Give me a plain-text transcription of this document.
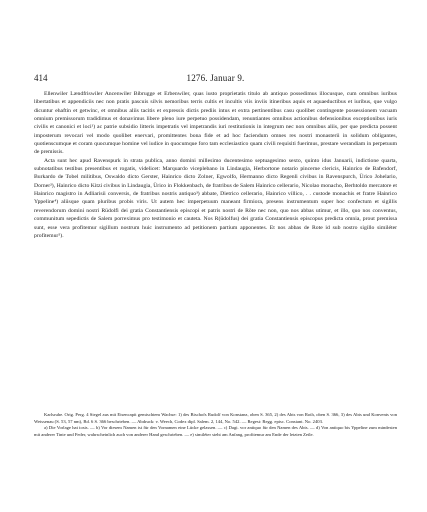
414	1276. Januar 9.

Ellenwiler Lændfriswiler Ancenwiler Bibrugge et Erbenwiler, quas iusto proprietatis titulo ab antiquo possedimus illocusque, cum omnibus iuribus libertatibus et appendiciis nec non pratis pascuis silvis nemoribus terris cultis et incultis viis inviis itineribus aquis et aquaeductibus et iuribus, que vulgo dicuntur ehaftin et getwinc, et omnibus aliis tacitis et expressis dictis prediis intus et extra pertinentibus casu quolibet contingente possessionem vacuam omnium premissorum tradidimus et donavimus libere pleno iure perpetuo possidendam, renuntiantes omnibus actionibus defensionibus exceptionibus iuris civilis et canonici et loci¹) ac patrie subsidio litteris impetratis vel impetrandis iuri restitutionis in integrum nec non omnibus aliis, per que predicta possent imposterum revocari vel modo quolibet enervari, promittentes bona fide et ad hoc faciendum omnes res nostri monasterii in solidum obligantes, quotienscumque et coram quocumque homine vel iudice in quocumque foro tam ecclesiastico quam civili requisiti fuerimus, prestare werandiam in perpetuum de premissis.

Acta sunt hec apud Ravenspurk in strata publica, anno domini millesimo ducentesimo septuagesimo sexto, quinto idus Januarii, indictione quarta, subnotatibus testibus presentibus et rogatis, videlicet: Marquardo viceplebano in Lindaugia, Herbortone notario pincerne clericis, Hainrico de Bafendorf, Burkardo de Tobel militibus, Oswaldo dicto Gerster, Hainrico dicto Zolner, Egwolfo, Hermanno dicto Regenli civibus in Ravenspurch, Ürico Johelario, Dorner²), Hainrico dicto Kitzi civibus in Lindaugia, Ürico in Flokkenbach, de fratribus de Salem Hainrico cellerario, Nicolao monacho, Berhtoldo mercatore et Hainrico magistro in Adliarisii conversis, de fratribus nostris antiquo³) abbate, Dietrico cellerario, Hainrico villico, . . custode monachis et fratre Hainrico Yppeline⁴) aliisque quam pluribus probis viris. Ut autem hec imperpetuum maneant firmiora, presens instrumentum super hoc confectum et sigillis reverendorum domini nostri Rüdolfi dei gratia Constantiensis episcopi et patris nostri de Röte nec non, quo nos abbas utimur, et illo, quo nos conventus, communitum sepedictis de Salem porreximus pro testimonio et cauteta. Nos R(üdolfus) dei gratia Constantiensis episcopus predicta omnia, prout premissa sunt, esse vera profitemur sigillum nostrum huic instrumento ad petitionem partium apponentes. Et nos abbas de Rote id sub nostro sigillo similéter profitemur⁵).

Karlsruhe. Orig. Perg. 4 Siegel aus mit Eisencapit gemischtem Wachse: 1) des Bischofs Rudolf von Konstanz, oben S. 365, 2) des Abts von Roth, oben S. 366, 3) des Abts und Konvents von Weissenau (S. 53, 57 nm), Bd. 6 S. 366 beschrieben. — Abdruck: v. Weech, Codex dipl. Salem. 2, 144, No. 542. — Regest: Regg. episc. Constant. No. 2403.

a) Die Vorlage hat iosis. — b) Vor diesem Namen ist für den Vornamen eine Lücke gelassen. — c) Dagi. vor antiquo für den Namen des Abts. — d) Von antiquo bis Yppeline zum mindesten mit anderer Tinte und Feder, wahrscheinlich auch von anderer Hand geschrieben. — e) similéter steht am Anfang, profitemur am Ende der letzten Zeile.
